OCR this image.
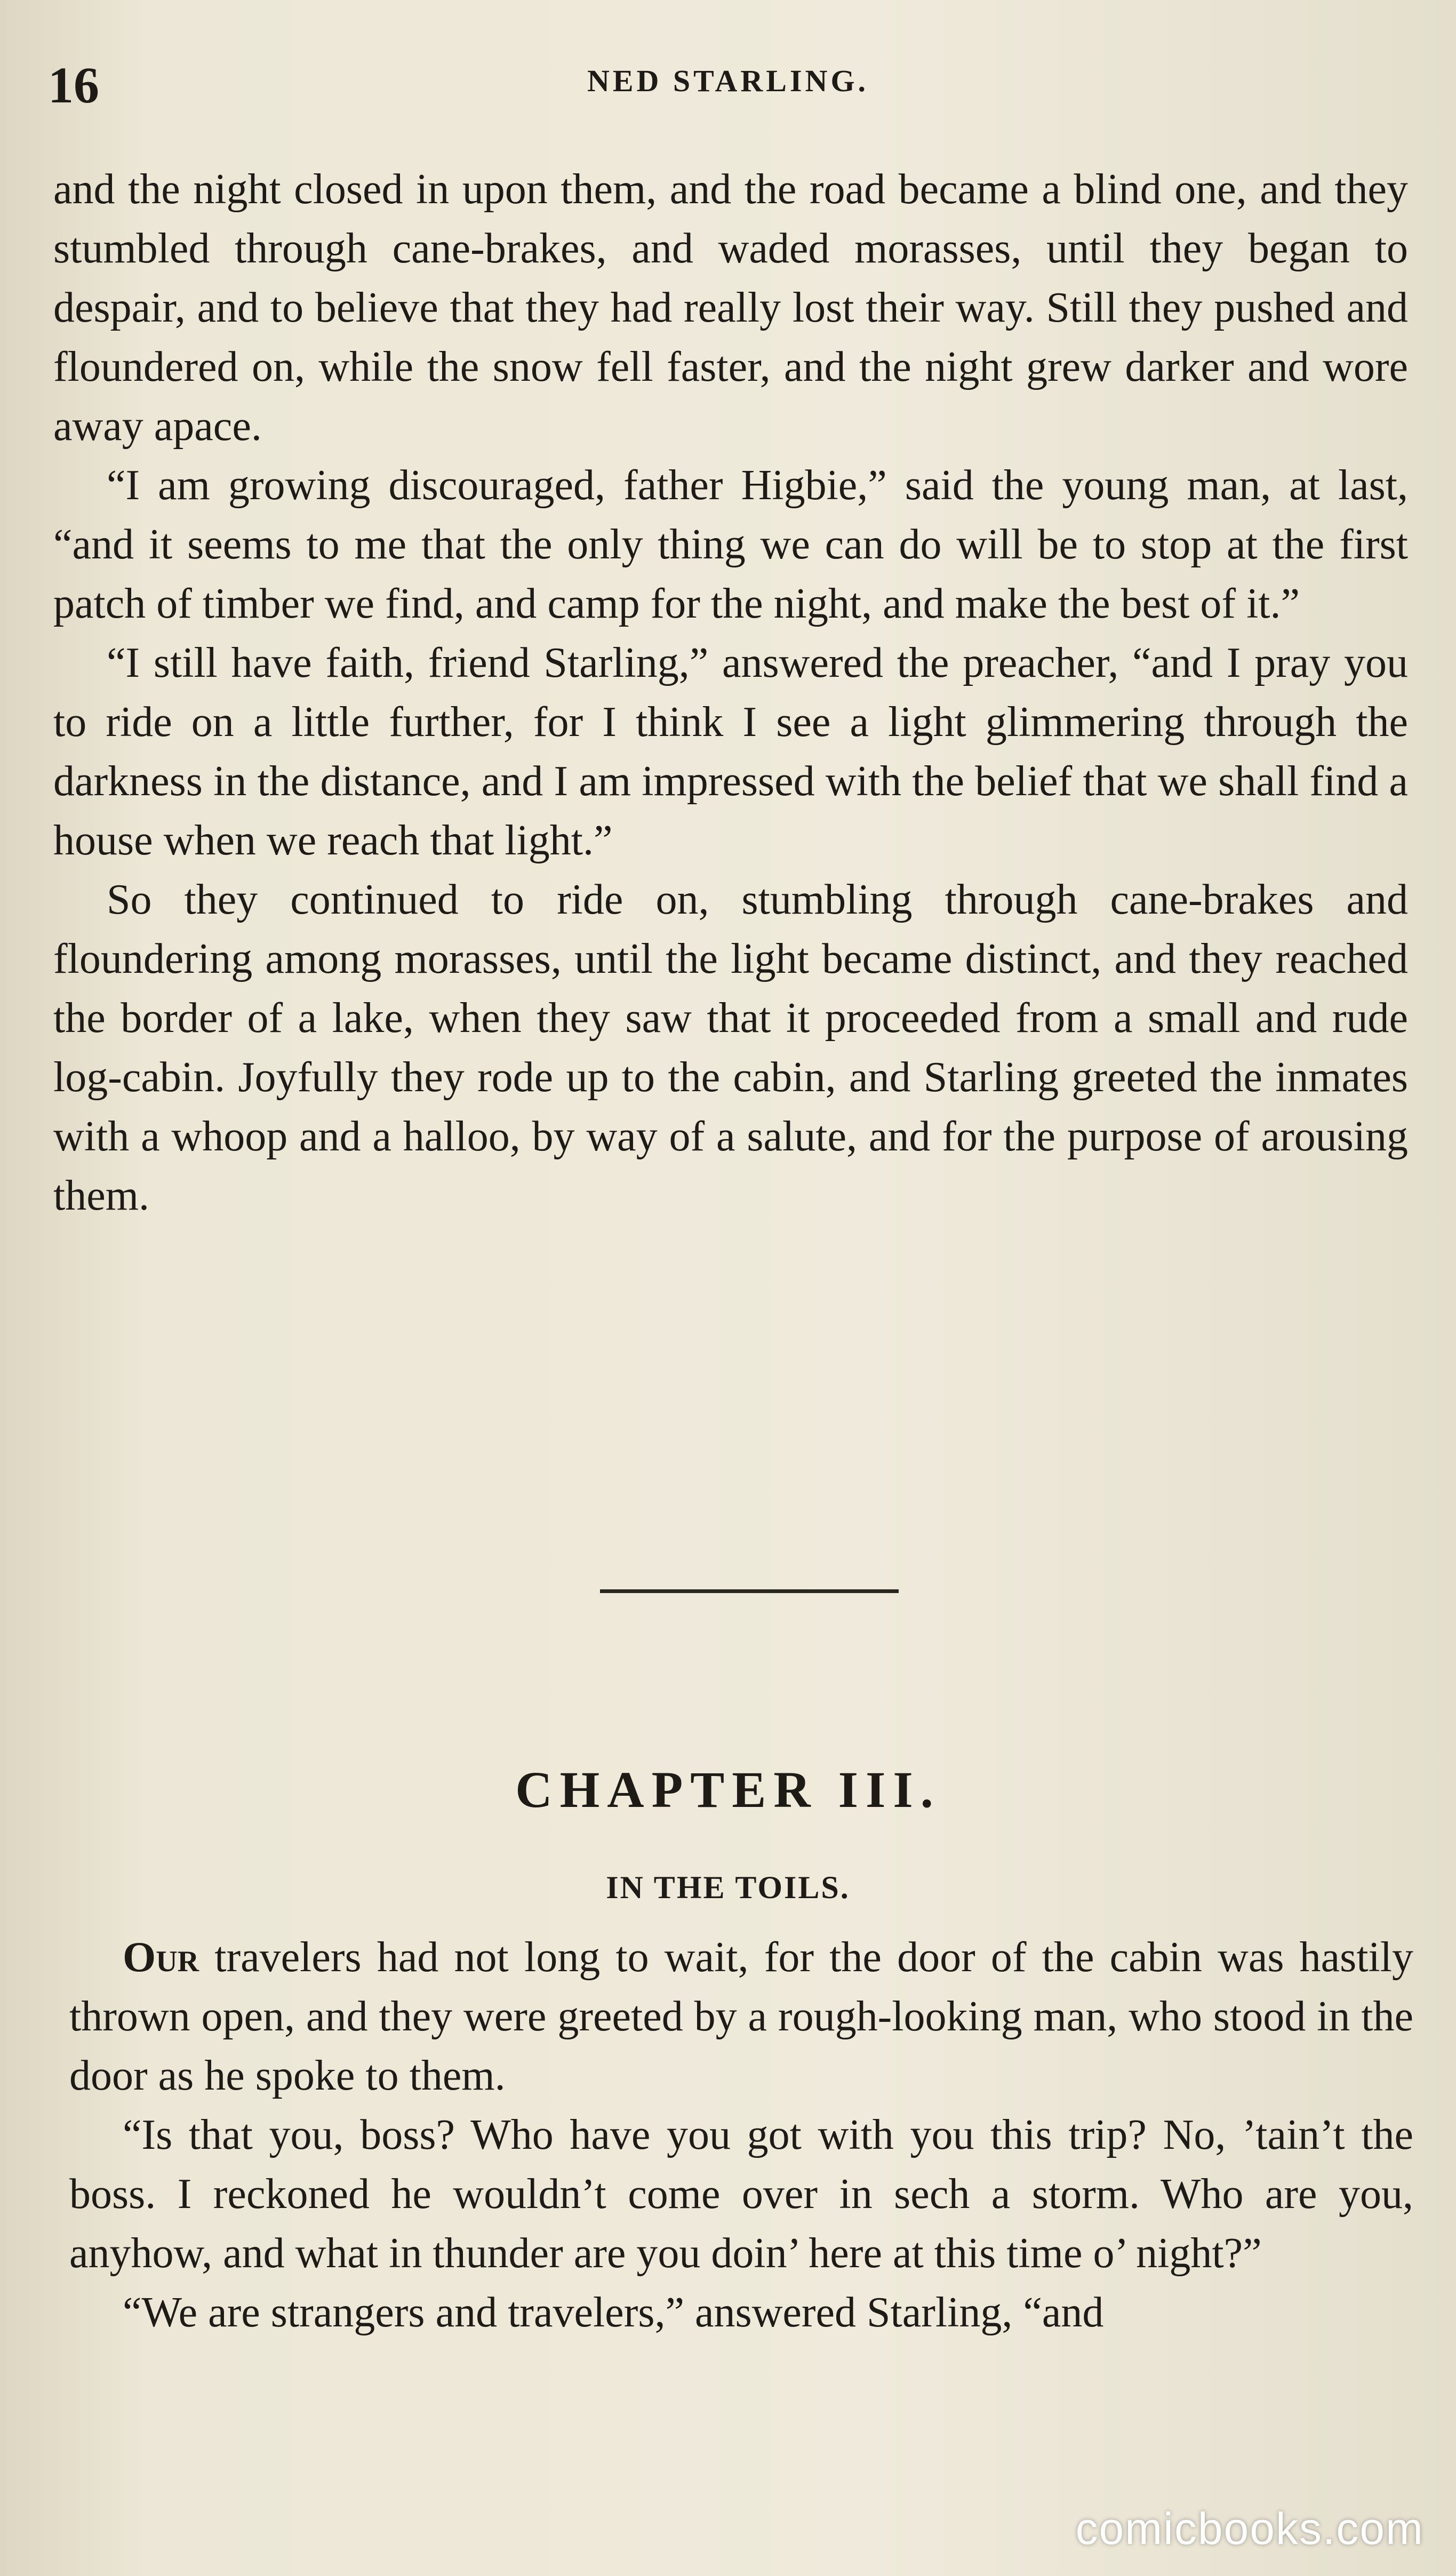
16	NED STARLING.

and the night closed in upon them, and the road became a blind one, and they stumbled through cane-brakes, and waded morasses, until they began to despair, and to believe that they had really lost their way. Still they pushed and floundered on, while the snow fell faster, and the night grew darker and wore away apace.

“I am growing discouraged, father Higbie,” said the young man, at last, “and it seems to me that the only thing we can do will be to stop at the first patch of timber we find, and camp for the night, and make the best of it.”

“I still have faith, friend Starling,” answered the preacher, “and I pray you to ride on a little further, for I think I see a light glimmering through the darkness in the distance, and I am impressed with the belief that we shall find a house when we reach that light.”

So they continued to ride on, stumbling through cane-brakes and floundering among morasses, until the light became distinct, and they reached the border of a lake, when they saw that it proceeded from a small and rude log-cabin. Joyfully they rode up to the cabin, and Starling greeted the inmates with a whoop and a halloo, by way of a salute, and for the purpose of arousing them.

CHAPTER III.
IN THE TOILS.

Our travelers had not long to wait, for the door of the cabin was hastily thrown open, and they were greeted by a rough-looking man, who stood in the door as he spoke to them.

“Is that you, boss? Who have you got with you this trip? No, ’tain’t the boss. I reckoned he wouldn’t come over in sech a storm. Who are you, anyhow, and what in thunder are you doin’ here at this time o’ night?”

“We are strangers and travelers,” answered Starling, “and

comicbooks.com
